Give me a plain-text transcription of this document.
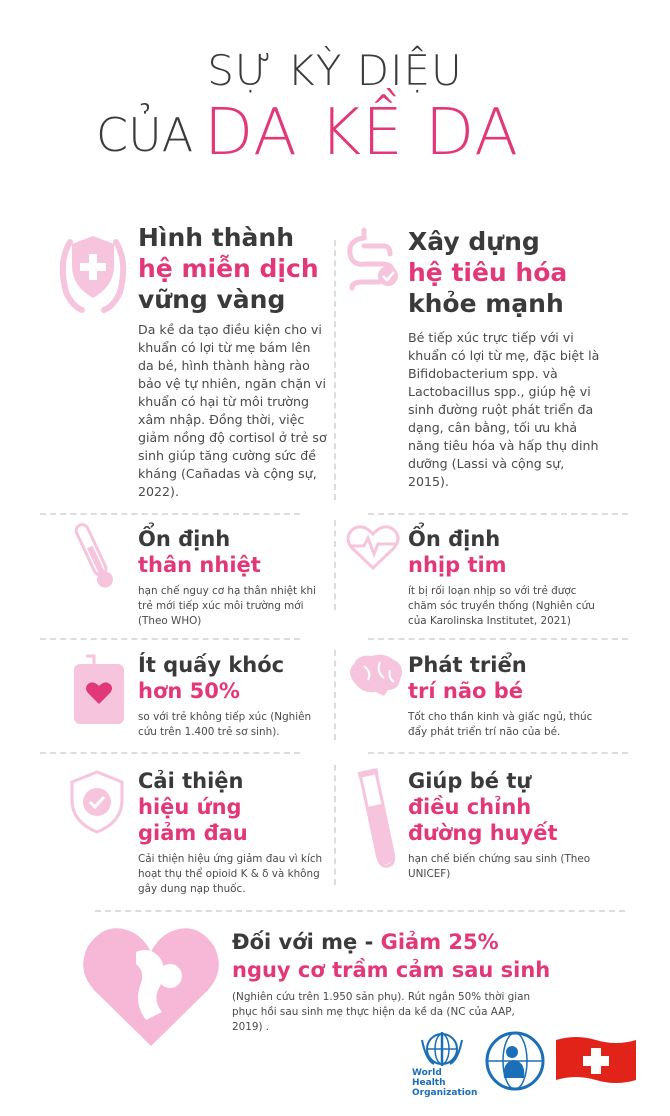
SỰ KỲ DIỆU
CỦA DA KỀ DA
Hình thành
hệ miễn dịch
vững vàng
Da kề da tạo điều kiện cho vi khuẩn có lợi từ mẹ bám lên da bé, hình thành hàng rào bảo vệ tự nhiên, ngăn chặn vi khuẩn có hại từ môi trường xâm nhập. Đồng thời, việc giảm nồng độ cortisol ở trẻ sơ sinh giúp tăng cường sức đề kháng (Cañadas và cộng sự, 2022).
Xây dựng
hệ tiêu hóa
khỏe mạnh
Bé tiếp xúc trực tiếp với vi khuẩn có lợi từ mẹ, đặc biệt là Bifidobacterium spp. và Lactobacillus spp., giúp hệ vi sinh đường ruột phát triển đa dạng, cân bằng, tối ưu khả năng tiêu hóa và hấp thụ dinh dưỡng (Lassi và cộng sự, 2015).
Ổn định
thân nhiệt
hạn chế nguy cơ hạ thân nhiệt khi trẻ mới tiếp xúc môi trường mới (Theo WHO)
Ổn định
nhịp tim
ít bị rối loạn nhịp so với trẻ được chăm sóc truyền thống (Nghiên cứu của Karolinska Institutet, 2021)
Ít quấy khóc
hơn 50%
so với trẻ không tiếp xúc (Nghiên cứu trên 1.400 trẻ sơ sinh).
Phát triển
trí não bé
Tốt cho thần kinh và giấc ngủ, thúc đẩy phát triển trí não của bé.
Cải thiện
hiệu ứng
giảm đau
Cải thiện hiệu ứng giảm đau vì kích hoạt thụ thể opioid K & δ và không gây dung nạp thuốc.
Giúp bé tự
điều chỉnh
đường huyết
hạn chế biến chứng sau sinh (Theo UNICEF)
Đối với mẹ - Giảm 25%
nguy cơ trầm cảm sau sinh
(Nghiên cứu trên 1.950 sản phụ). Rút ngắn 50% thời gian phục hồi sau sinh mẹ thực hiện da kề da (NC của AAP, 2019) .
World Health
Organization
